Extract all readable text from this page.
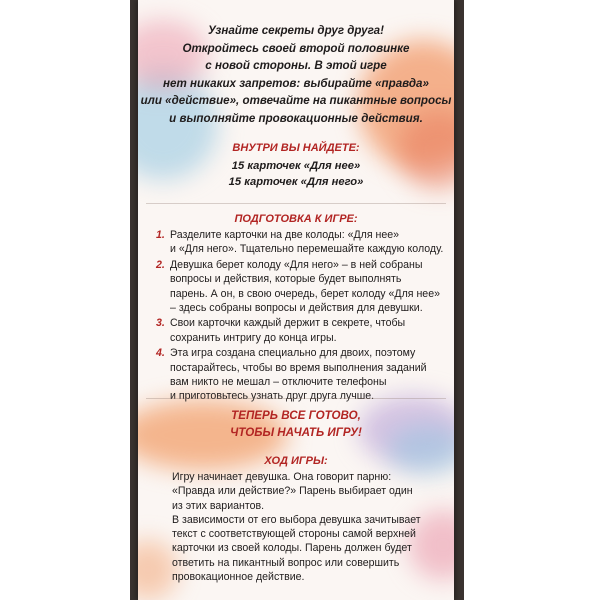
Узнайте секреты друг друга!
Откройтесь своей второй половинке
с новой стороны. В этой игре
нет никаких запретов: выбирайте «правда»
или «действие», отвечайте на пикантные вопросы
и выполняйте провокационные действия.
ВНУТРИ ВЫ НАЙДЕТЕ:
15 карточек «Для нее»
15 карточек «Для него»
ПОДГОТОВКА К ИГРЕ:
1. Разделите карточки на две колоды: «Для нее»
и «Для него». Тщательно перемешайте каждую колоду.
2. Девушка берет колоду «Для него» – в ней собраны
вопросы и действия, которые будет выполнять
парень. А он, в свою очередь, берет колоду «Для нее»
– здесь собраны вопросы и действия для девушки.
3. Свои карточки каждый держит в секрете, чтобы
сохранить интригу до конца игры.
4. Эта игра создана специально для двоих, поэтому
постарайтесь, чтобы во время выполнения заданий
вам никто не мешал – отключите телефоны
и приготовьтесь узнать друг друга лучше.
ТЕПЕРЬ ВСЕ ГОТОВО,
ЧТОБЫ НАЧАТЬ ИГРУ!
ХОД ИГРЫ:

Игру начинает девушка. Она говорит парню:
«Правда или действие?» Парень выбирает один
из этих вариантов.

В зависимости от его выбора девушка зачитывает
текст с соответствующей стороны самой верхней
карточки из своей колоды. Парень должен будет
ответить на пикантный вопрос или совершить
провокационное действие.
